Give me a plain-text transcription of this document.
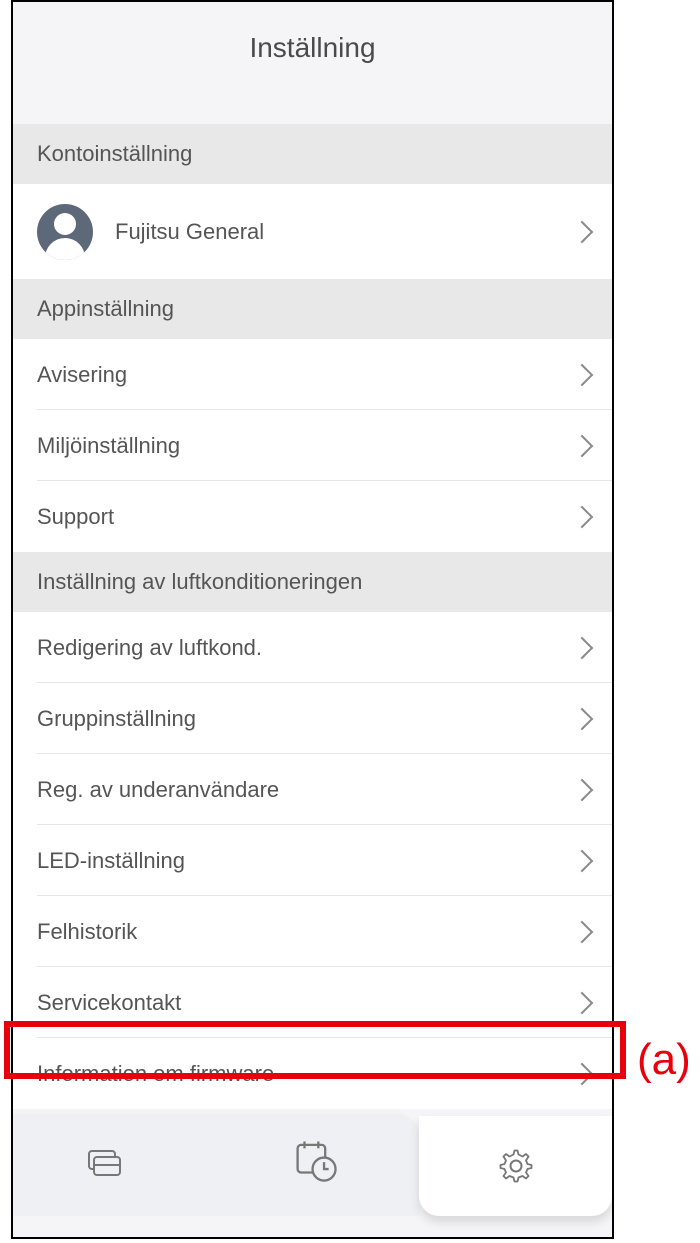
Inställning
Kontoinställning
Fujitsu General
Appinställning
Avisering
Miljöinställning
Support
Inställning av luftkonditioneringen
Redigering av luftkond.
Gruppinställning
Reg. av underanvändare
LED-inställning
Felhistorik
Servicekontakt
Information om firmware	(a)
